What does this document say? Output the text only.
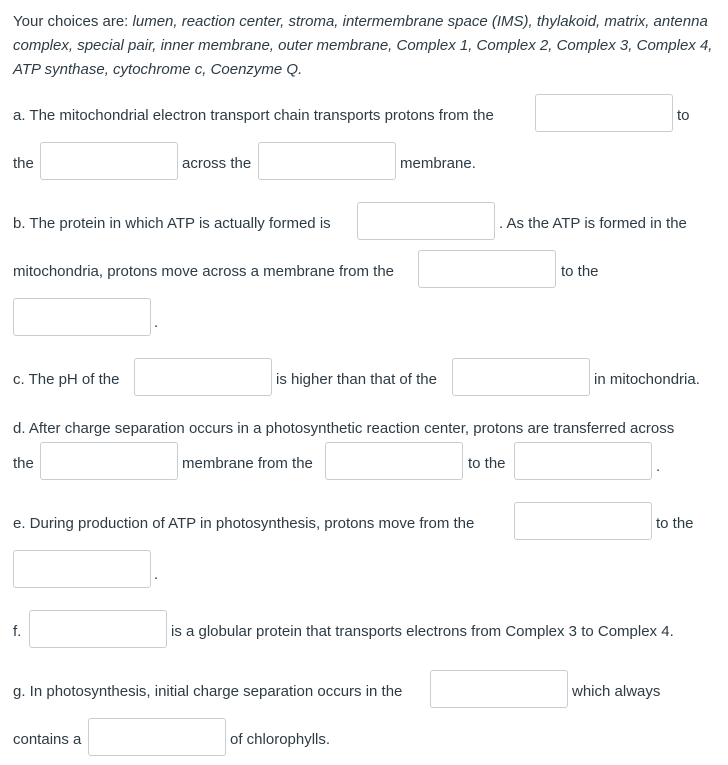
Your choices are: lumen, reaction center, stroma, intermembrane space (IMS), thylakoid, matrix, antenna complex, special pair, inner membrane, outer membrane, Complex 1, Complex 2, Complex 3, Complex 4, ATP synthase, cytochrome c, Coenzyme Q.
a. The mitochondrial electron transport chain transports protons from the	to
the	across the	membrane.
b. The protein in which ATP is actually formed is	. As the ATP is formed in the
mitochondria, protons move across a membrane from the	to the
.
c. The pH of the	is higher than that of the	in mitochondria.
d. After charge separation occurs in a photosynthetic reaction center, protons are transferred across
the	membrane from the	to the	.
e. During production of ATP in photosynthesis, protons move from the	to the
.
f.	is a globular protein that transports electrons from Complex 3 to Complex 4.
g. In photosynthesis, initial charge separation occurs in the	which always
contains a	of chlorophylls.
